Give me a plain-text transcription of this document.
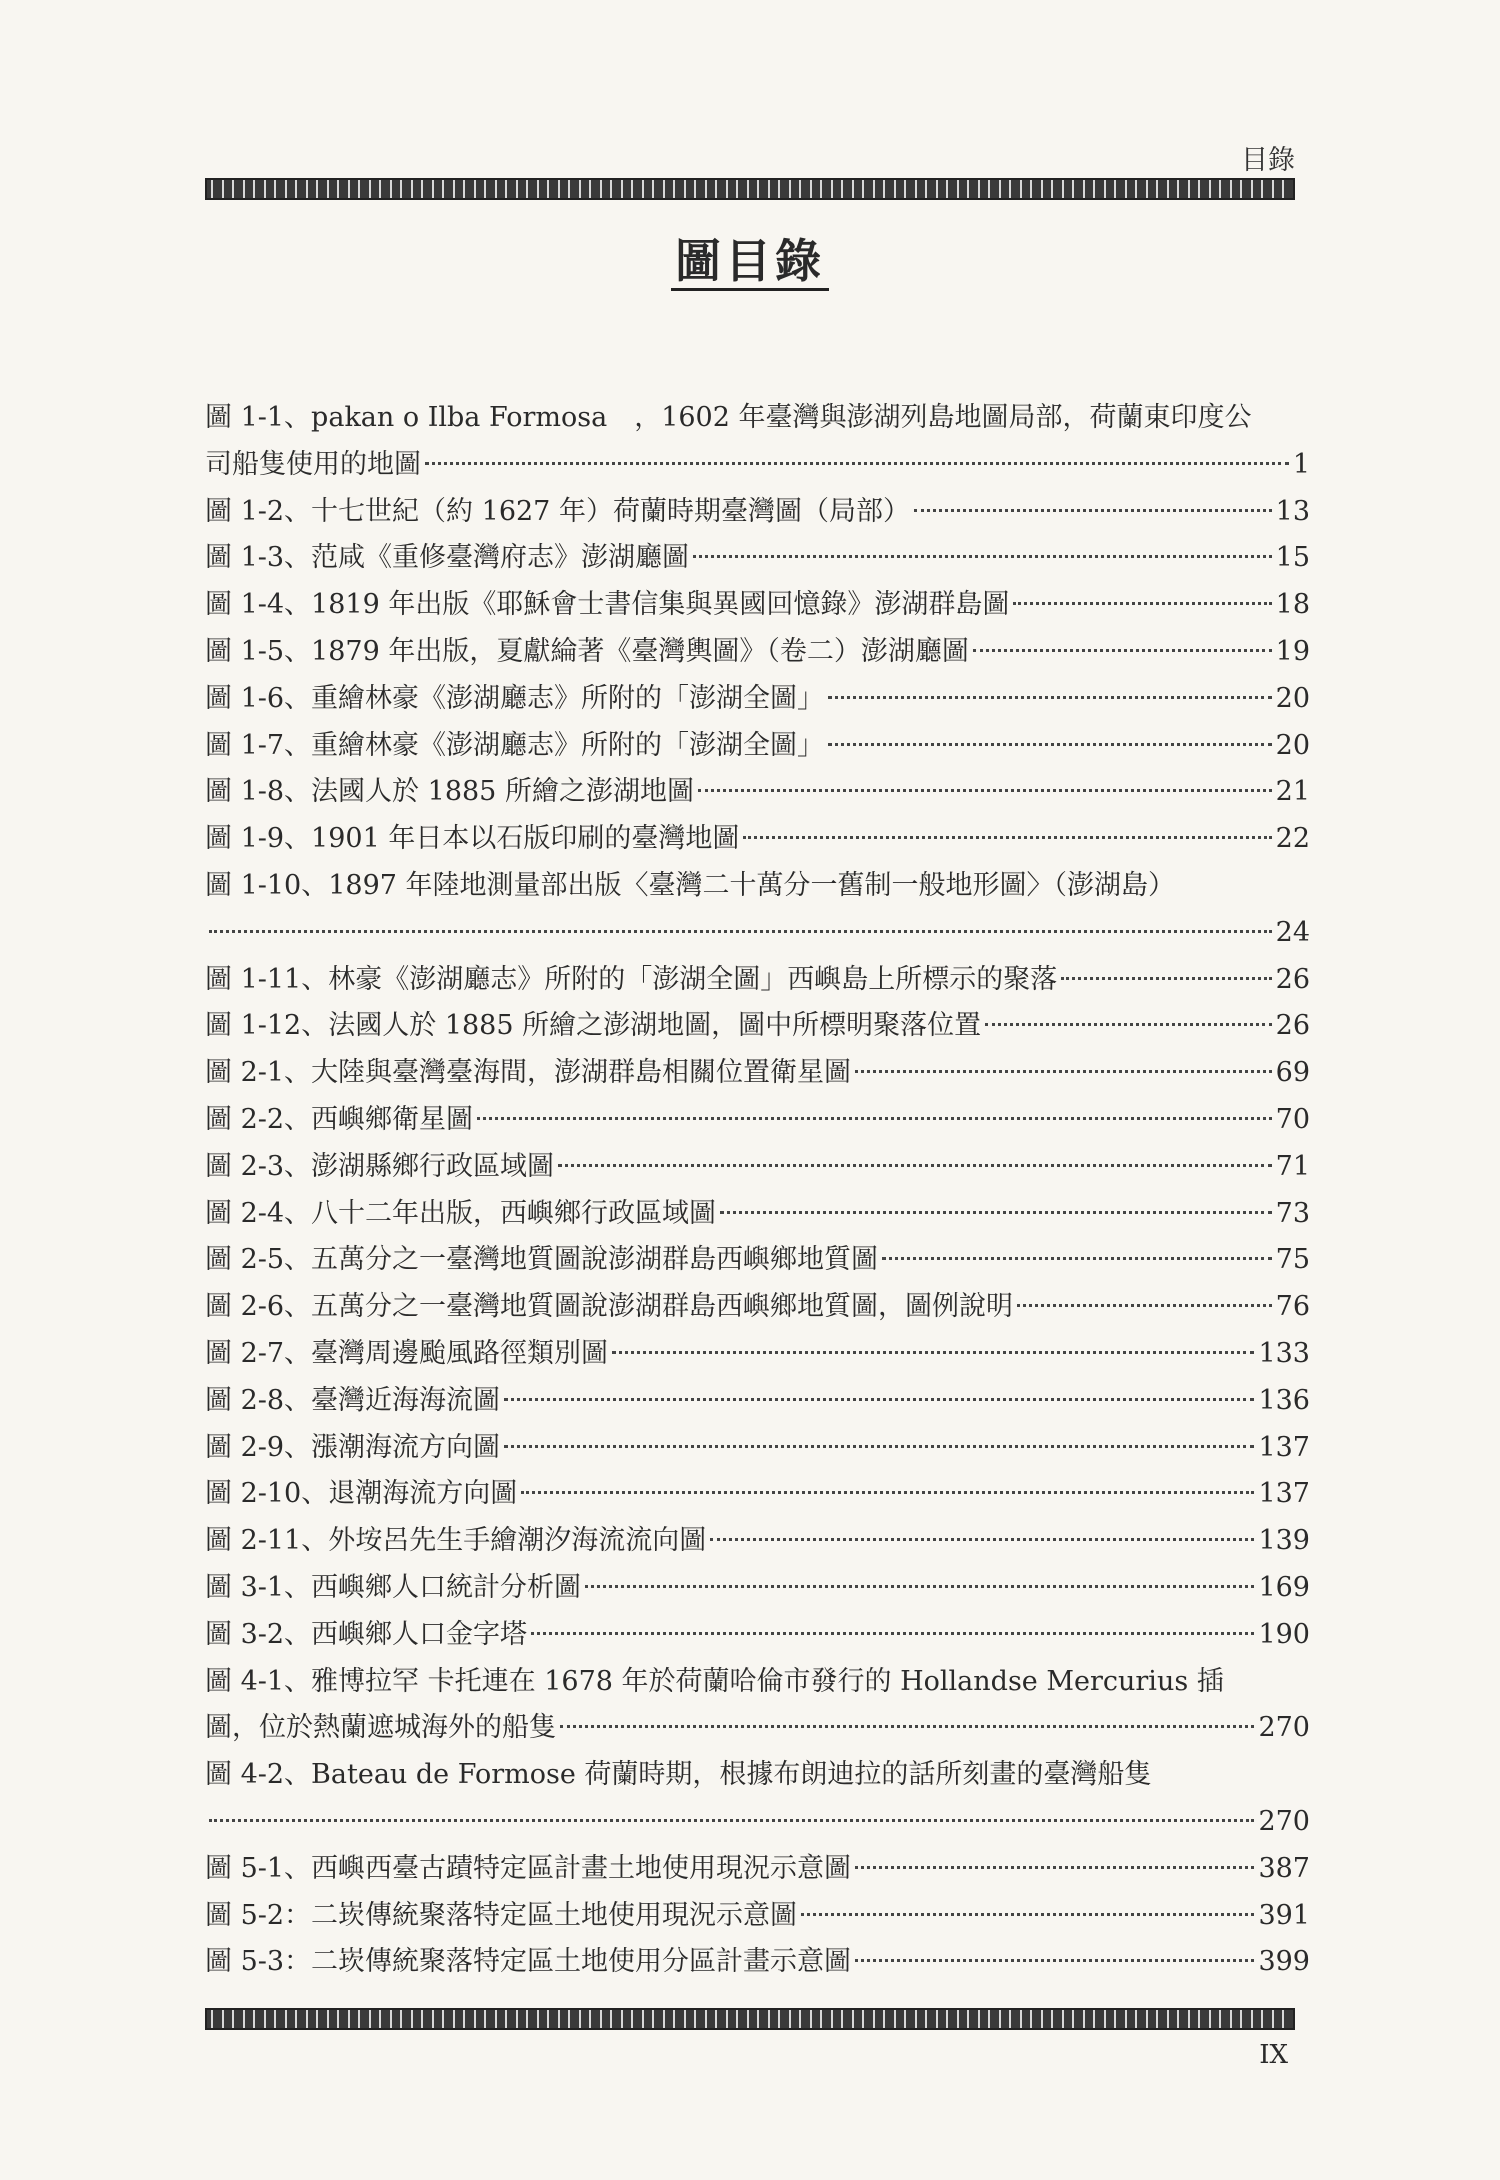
目錄
圖目錄
圖 1-1、pakan o Ilba Formosa　，1602 年臺灣與澎湖列島地圖局部，荷蘭東印度公
司船隻使用的地圖	1
圖 1-2、十七世紀（約 1627 年）荷蘭時期臺灣圖（局部）	13
圖 1-3、范咸《重修臺灣府志》澎湖廳圖	15
圖 1-4、1819 年出版《耶穌會士書信集與異國回憶錄》澎湖群島圖	18
圖 1-5、1879 年出版，夏獻綸著《臺灣輿圖》（卷二）澎湖廳圖	19
圖 1-6、重繪林豪《澎湖廳志》所附的「澎湖全圖」	20
圖 1-7、重繪林豪《澎湖廳志》所附的「澎湖全圖」	20
圖 1-8、法國人於 1885 所繪之澎湖地圖	21
圖 1-9、1901 年日本以石版印刷的臺灣地圖	22
圖 1-10、1897 年陸地測量部出版〈臺灣二十萬分一舊制一般地形圖〉（澎湖島）
24
圖 1-11、林豪《澎湖廳志》所附的「澎湖全圖」西嶼島上所標示的聚落	26
圖 1-12、法國人於 1885 所繪之澎湖地圖，圖中所標明聚落位置	26
圖 2-1、大陸與臺灣臺海間，澎湖群島相關位置衛星圖	69
圖 2-2、西嶼鄉衛星圖	70
圖 2-3、澎湖縣鄉行政區域圖	71
圖 2-4、八十二年出版，西嶼鄉行政區域圖	73
圖 2-5、五萬分之一臺灣地質圖說澎湖群島西嶼鄉地質圖	75
圖 2-6、五萬分之一臺灣地質圖說澎湖群島西嶼鄉地質圖，圖例說明	76
圖 2-7、臺灣周邊颱風路徑類別圖	133
圖 2-8、臺灣近海海流圖	136
圖 2-9、漲潮海流方向圖	137
圖 2-10、退潮海流方向圖	137
圖 2-11、外垵呂先生手繪潮汐海流流向圖	139
圖 3-1、西嶼鄉人口統計分析圖	169
圖 3-2、西嶼鄉人口金字塔	190
圖 4-1、雅博拉罕 卡托連在 1678 年於荷蘭哈倫市發行的 Hollandse Mercurius 插
圖，位於熱蘭遮城海外的船隻	270
圖 4-2、Bateau de Formose 荷蘭時期，根據布朗迪拉的話所刻畫的臺灣船隻
270
圖 5-1、西嶼西臺古蹟特定區計畫土地使用現況示意圖	387
圖 5-2：二崁傳統聚落特定區土地使用現況示意圖	391
圖 5-3：二崁傳統聚落特定區土地使用分區計畫示意圖	399
IX
